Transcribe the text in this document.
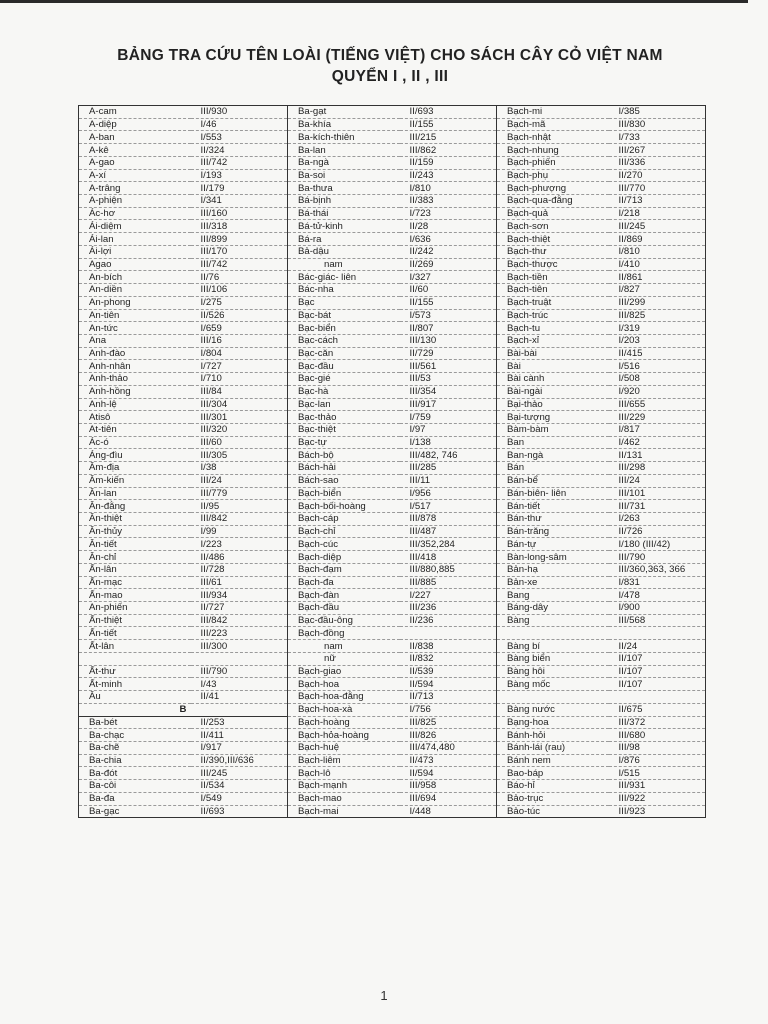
BẢNG TRA CỨU TÊN LOÀI (TIẾNG VIỆT) CHO SÁCH CÂY CỎ VIỆT NAM
QUYỂN I , II , III
A-cam	III/930	Ba-gạt	II/693	Bạch-mi	I/385
A-diệp	I/46	Ba-khía	II/155	Bạch-mã	III/830
A-ban	I/553	Ba-kích-thiên	III/215	Bạch-nhật	I/733
A-kê	II/324	Ba-lan	III/862	Bạch-nhung	III/267
A-gao	III/742	Ba-ngà	II/159	Bạch-phiến	III/336
A-xí	I/193	Ba-soi	II/243	Bạch-phụ	II/270
A-trâng	II/179	Ba-thưa	I/810	Bạch-phượng	III/770
A-phiện	I/341	Bá-bịnh	II/383	Bạch-qua-đằng	II/713
Ác-hơ	III/160	Bá-thái	I/723	Bạch-quả	I/218
Ái-diệm	III/318	Bá-tử-kinh	II/28	Bạch-sơn	III/245
Ái-lan	III/899	Bá-ra	I/636	Bạch-thiệt	II/869
Ái-lợi	III/170	Bả-dậu	II/242	Bạch-thư	I/810
Agao	III/742	nam	II/269	Bạch-thược	I/410
An-bích	II/76	Bác-giác- liên	I/327	Bạch-tiền	II/861
An-diền	III/106	Bác-nha	II/60	Bạch-tiên	I/827
An-phong	I/275	Bạc	II/155	Bạch-truật	III/299
An-tiên	II/526	Bạc-bát	I/573	Bạch-trúc	III/825
An-tức	I/659	Bạc-biển	II/807	Bạch-tu	I/319
Ana	III/16	Bạc-cách	III/130	Bạch-xỉ	I/203
Anh-đào	I/804	Bạc-căn	II/729	Bài-bài	II/415
Anh-nhân	I/727	Bạc-đầu	III/561	Bài	I/516
Anh-thảo	I/710	Bạc-gié	III/53	Bài cành	I/508
Anh-hồng	III/84	Bạc-hà	III/354	Bài-ngài	I/920
Anh-lệ	III/304	Bạc-lan	III/917	Bại-thảo	III/655
Atisô	III/301	Bạc-thảo	I/759	Bại-tượng	III/229
At-tiên	III/320	Bạc-thiệt	I/97	Bàm-bàm	I/817
Ác-ó	III/60	Bạc-tự	I/138	Ban	I/462
Áng-đìu	III/305	Bách-bộ	III/482, 746	Ban-ngà	II/131
Âm-địa	I/38	Bách-hải	III/285	Bán	III/298
Âm-kiến	III/24	Bách-sao	III/11	Bán-bể	III/24
Ân-lan	III/779	Bạch-biển	I/956	Bán-biên- liên	III/101
Ân-đằng	II/95	Bạch-bối-hoàng	I/517	Bán-tiết	III/731
Ân-thiệt	III/842	Bạch-cáp	III/878	Bán-thư	I/263
Ân-thủy	I/99	Bạch-chỉ	III/487	Bán-trăng	II/726
Ân-tiết	I/223	Bạch-cúc	III/352,284	Bán-tự	I/180 (III/42)
Ân-chỉ	II/486	Bạch-diệp	III/418	Bàn-long-sâm	III/790
Ấn-lân	II/728	Bạch-đạm	III/880,885	Bản-hạ	III/360,363, 366
Ấn-mạc	III/61	Bạch-đa	III/885	Bản-xe	I/831
Ấn-mao	III/934	Bạch-đàn	I/227	Bang	I/478
An-phiến	II/727	Bạch-đầu	III/236	Báng-dây	I/900
Ấn-thiệt	III/842	Bạc-đầu-ông	II/236	Bàng	III/568
Ấn-tiết	III/223	Bạch-đồng			
Ất-lân	III/300	nam	II/838	Bàng bí	II/24
		nữ	II/832	Bàng biển	II/107
Ất-thư	III/790	Bạch-giao	II/539	Bàng hôi	II/107
Ất-minh	I/43	Bạch-hoa	II/594	Bàng mốc	II/107
Âu	II/41	Bạch-hoa-đằng	II/713		
B		Bạch-hoa-xà	I/756	Bàng nước	II/675
Ba-bét	II/253	Bạch-hoàng	III/825	Bạng-hoa	III/372
Ba-chạc	II/411	Bạch-hỏa-hoàng	III/826	Bánh-hỏi	III/680
Ba-chẽ	I/917	Bạch-huệ	III/474,480	Bánh-lái (rau)	III/98
Ba-chia	II/390,III/636	Bạch-liêm	II/473	Bánh nem	I/876
Ba-đót	III/245	Bạch-lô	II/594	Bao-báp	I/515
Ba-côi	II/534	Bạch-mạnh	III/958	Báo-hỉ	III/931
Ba-đa	I/549	Bạch-mao	III/694	Bảo-trục	III/922
Ba-gạc	II/693	Bạch-mai	I/448	Bảo-túc	III/923
1
